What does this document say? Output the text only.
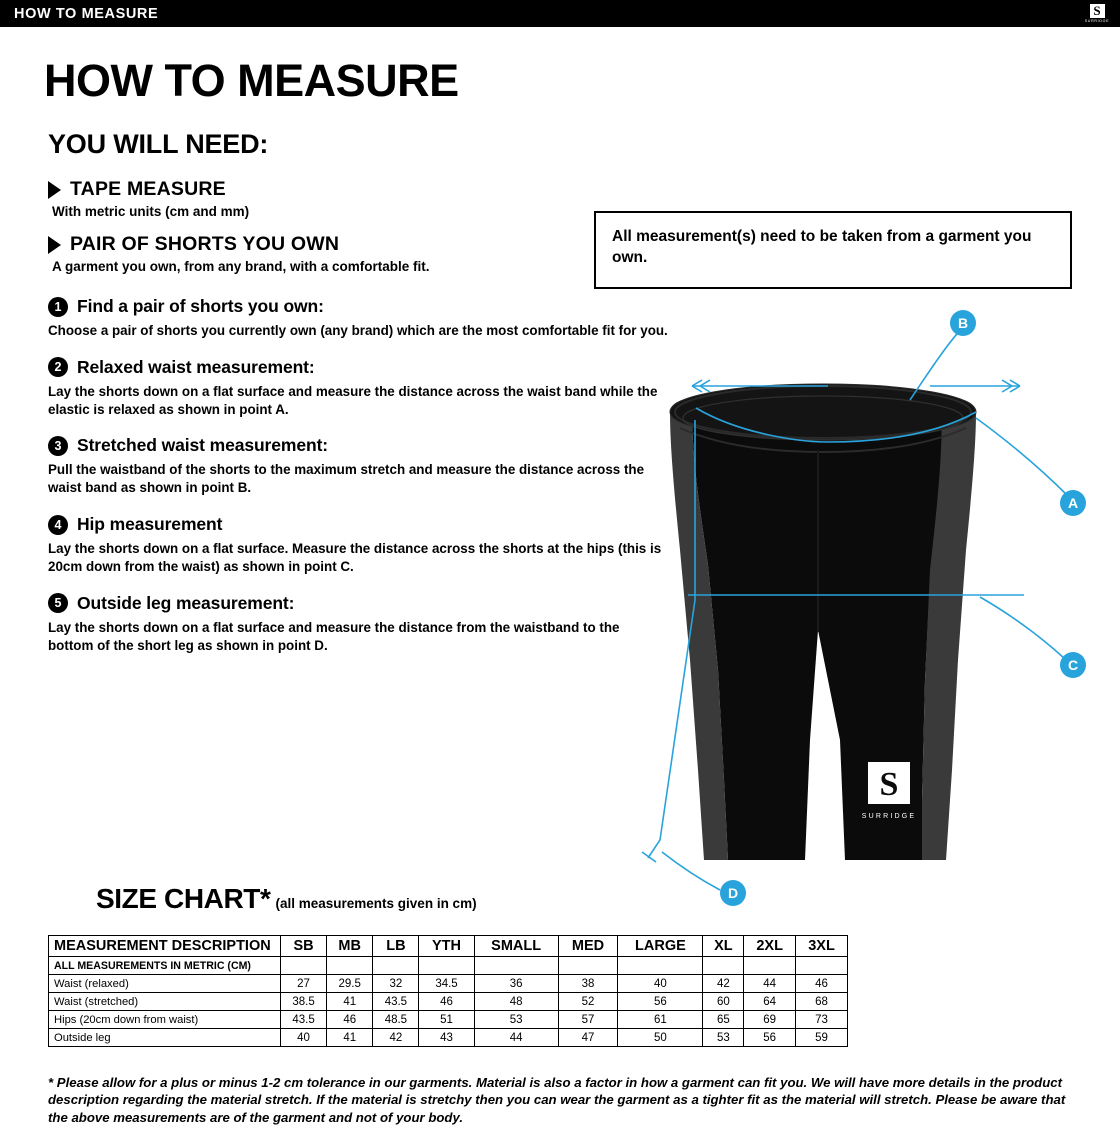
HOW TO MEASURE	S
SURRIDGE
HOW TO MEASURE
YOU WILL NEED:
TAPE MEASURE
With metric units (cm and mm)
PAIR OF SHORTS YOU OWN
A garment you own, from any brand, with a comfortable fit.
All measurement(s) need to be taken from a garment you own.
1 Find a pair of shorts you own:
Choose a pair of shorts you currently own (any brand) which are the most comfortable fit for you.
2 Relaxed waist measurement:
Lay the shorts down on a flat surface and measure the distance across the waist band while the elastic is relaxed as shown in point A.
3 Stretched waist measurement:
Pull the waistband of the shorts to the maximum stretch and measure the distance across the waist band as shown in point B.
4 Hip measurement
Lay the shorts down on a flat surface. Measure the distance across the shorts at the hips (this is 20cm down from the waist) as shown in point C.
5 Outside leg measurement:
Lay the shorts down on a flat surface and measure the distance from the waistband to the bottom of the short leg as shown in point D.
S
SURRIDGE
B
A
C
D
SIZE CHART* (all measurements given in cm)
MEASUREMENT DESCRIPTION	SB	MB	LB	YTH	SMALL	MED	LARGE	XL	2XL	3XL
ALL MEASUREMENTS IN METRIC (CM)										
Waist (relaxed)	27	29.5	32	34.5	36	38	40	42	44	46
Waist (stretched)	38.5	41	43.5	46	48	52	56	60	64	68
Hips (20cm down from waist)	43.5	46	48.5	51	53	57	61	65	69	73
Outside leg	40	41	42	43	44	47	50	53	56	59
* Please allow for a plus or minus 1-2 cm tolerance in our garments. Material is also a factor in how a garment can fit you. We will have more details in the product description regarding the material stretch. If the material is stretchy then you can wear the garment as a tighter fit as the material will stretch. Please be aware that the above measurements are of the garment and not of your body.
